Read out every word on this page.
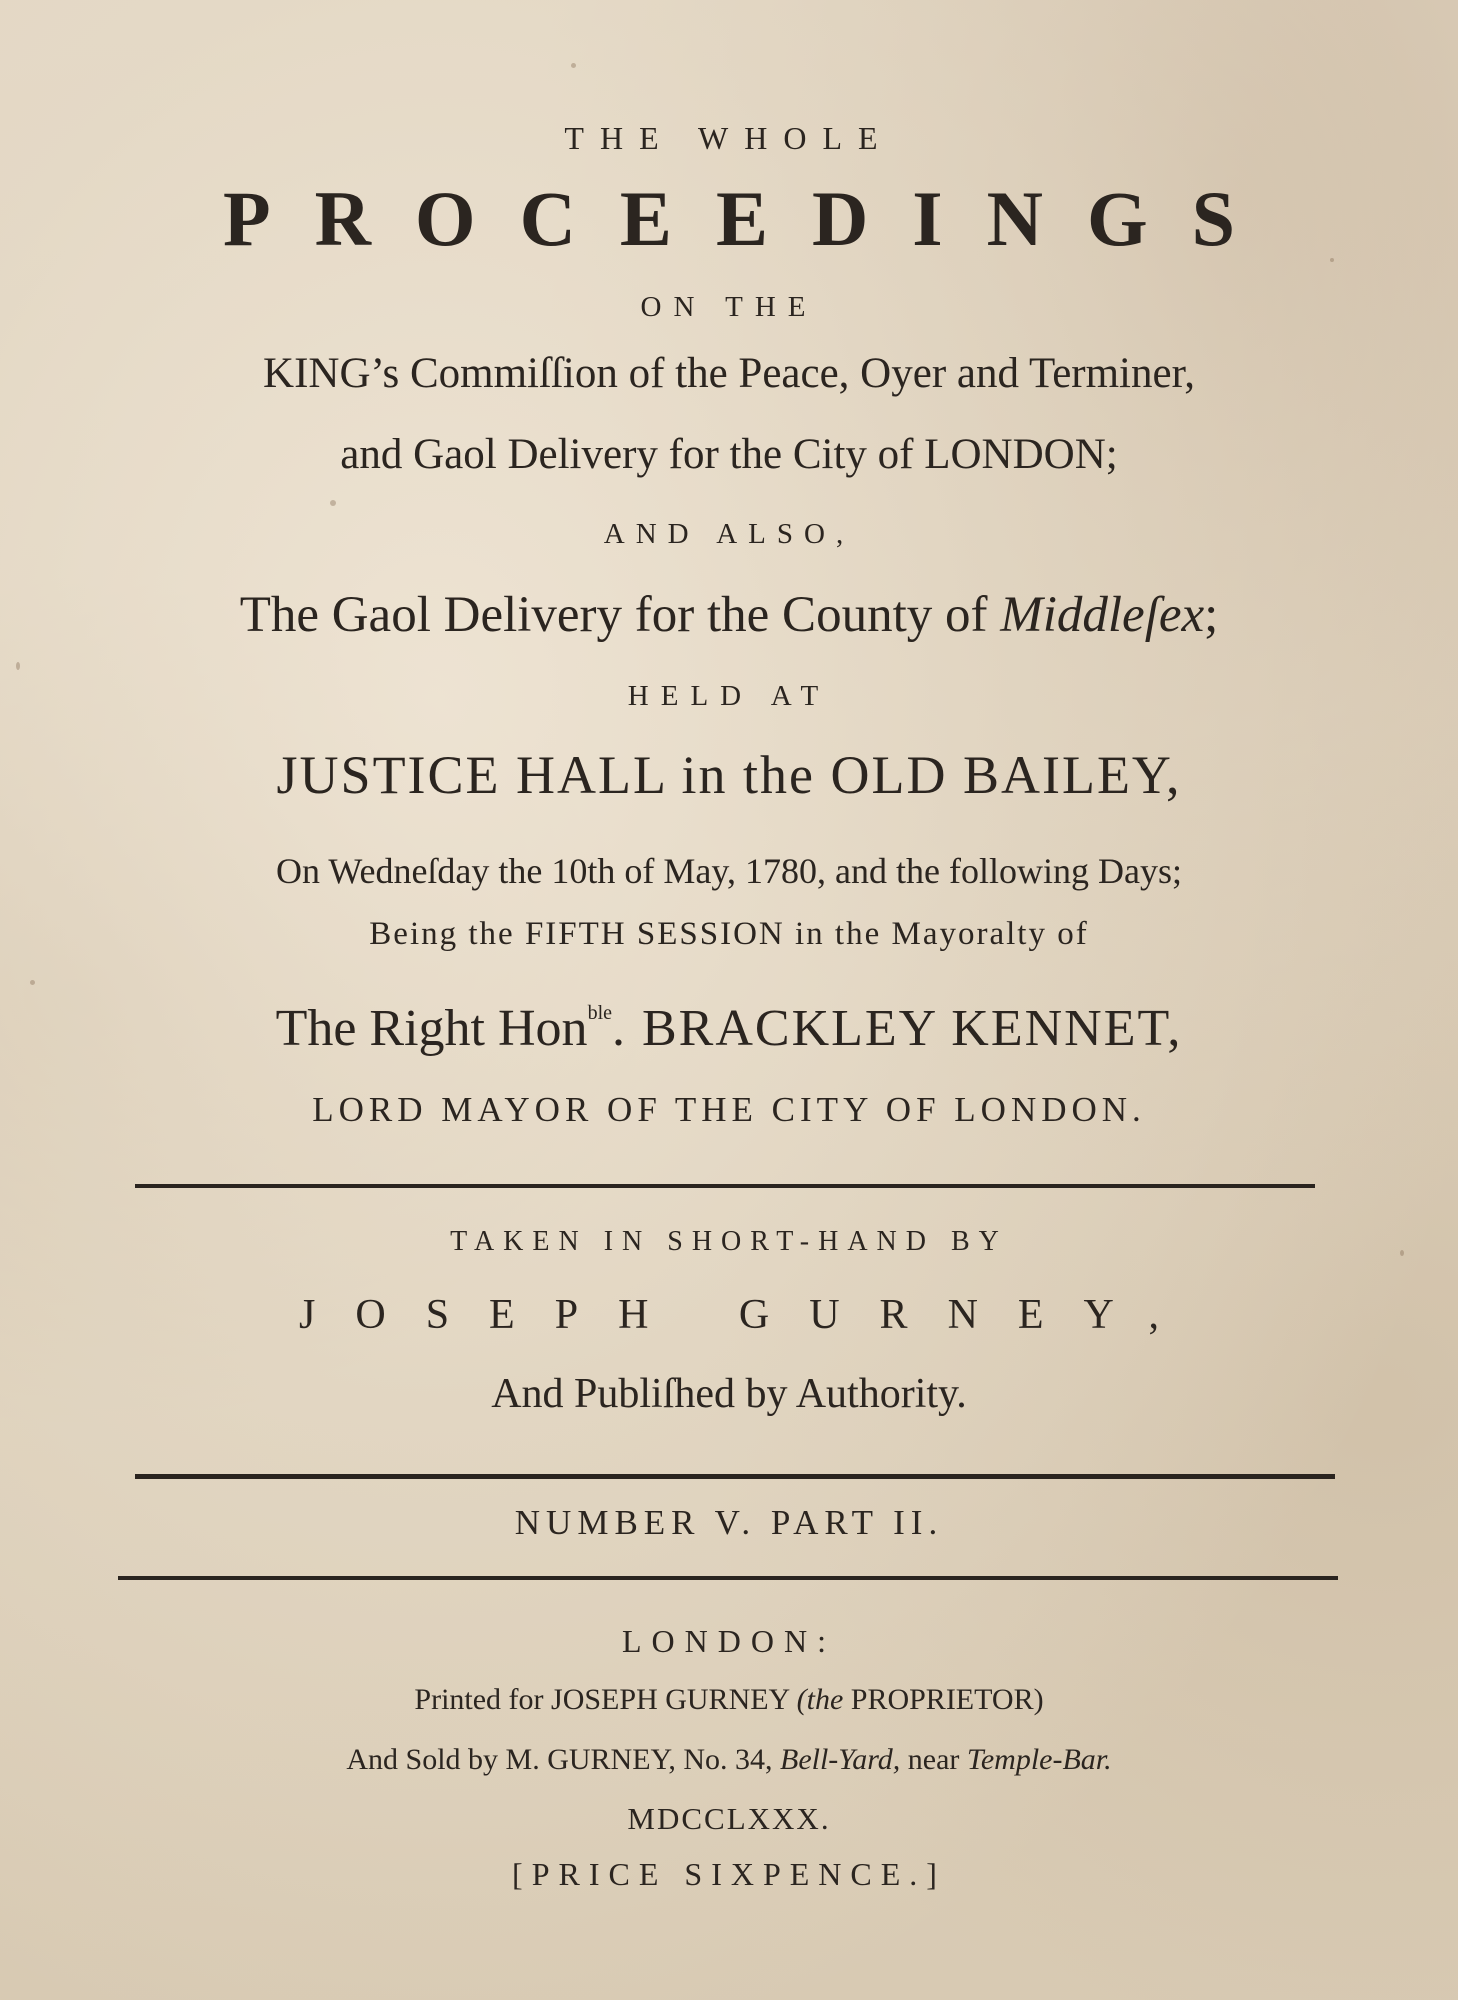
THE WHOLE
PROCEEDINGS
ON THE
KING’s Commiſſion of the Peace, Oyer and Terminer,
and Gaol Delivery for the City of LONDON;
AND ALSO,
The Gaol Delivery for the County of Middleſex;
HELD AT
JUSTICE HALL in the OLD BAILEY,
On Wedneſday the 10th of May, 1780, and the following Days;
Being the FIFTH SESSION in the Mayoralty of
The Right Hon$^{ble}$. BRACKLEY KENNET,
LORD MAYOR OF THE CITY OF LONDON.
TAKEN IN SHORT-HAND BY
JOSEPH GURNEY,
And Publiſhed by Authority.
NUMBER V. PART II.
LONDON:
Printed for JOSEPH GURNEY (the PROPRIETOR)
And Sold by M. GURNEY, No. 34, Bell-Yard, near Temple-Bar.
MDCCLXXX.
[PRICE SIXPENCE.]
